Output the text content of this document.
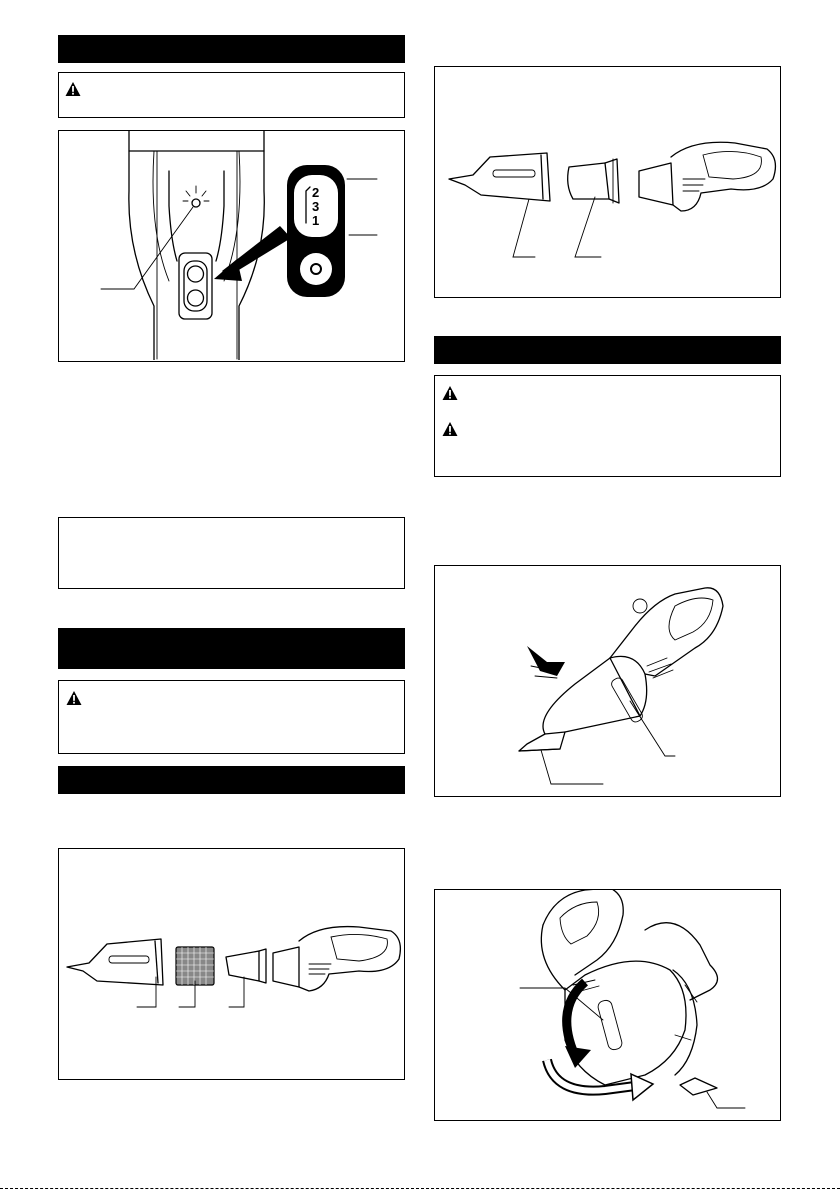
2
3
1
